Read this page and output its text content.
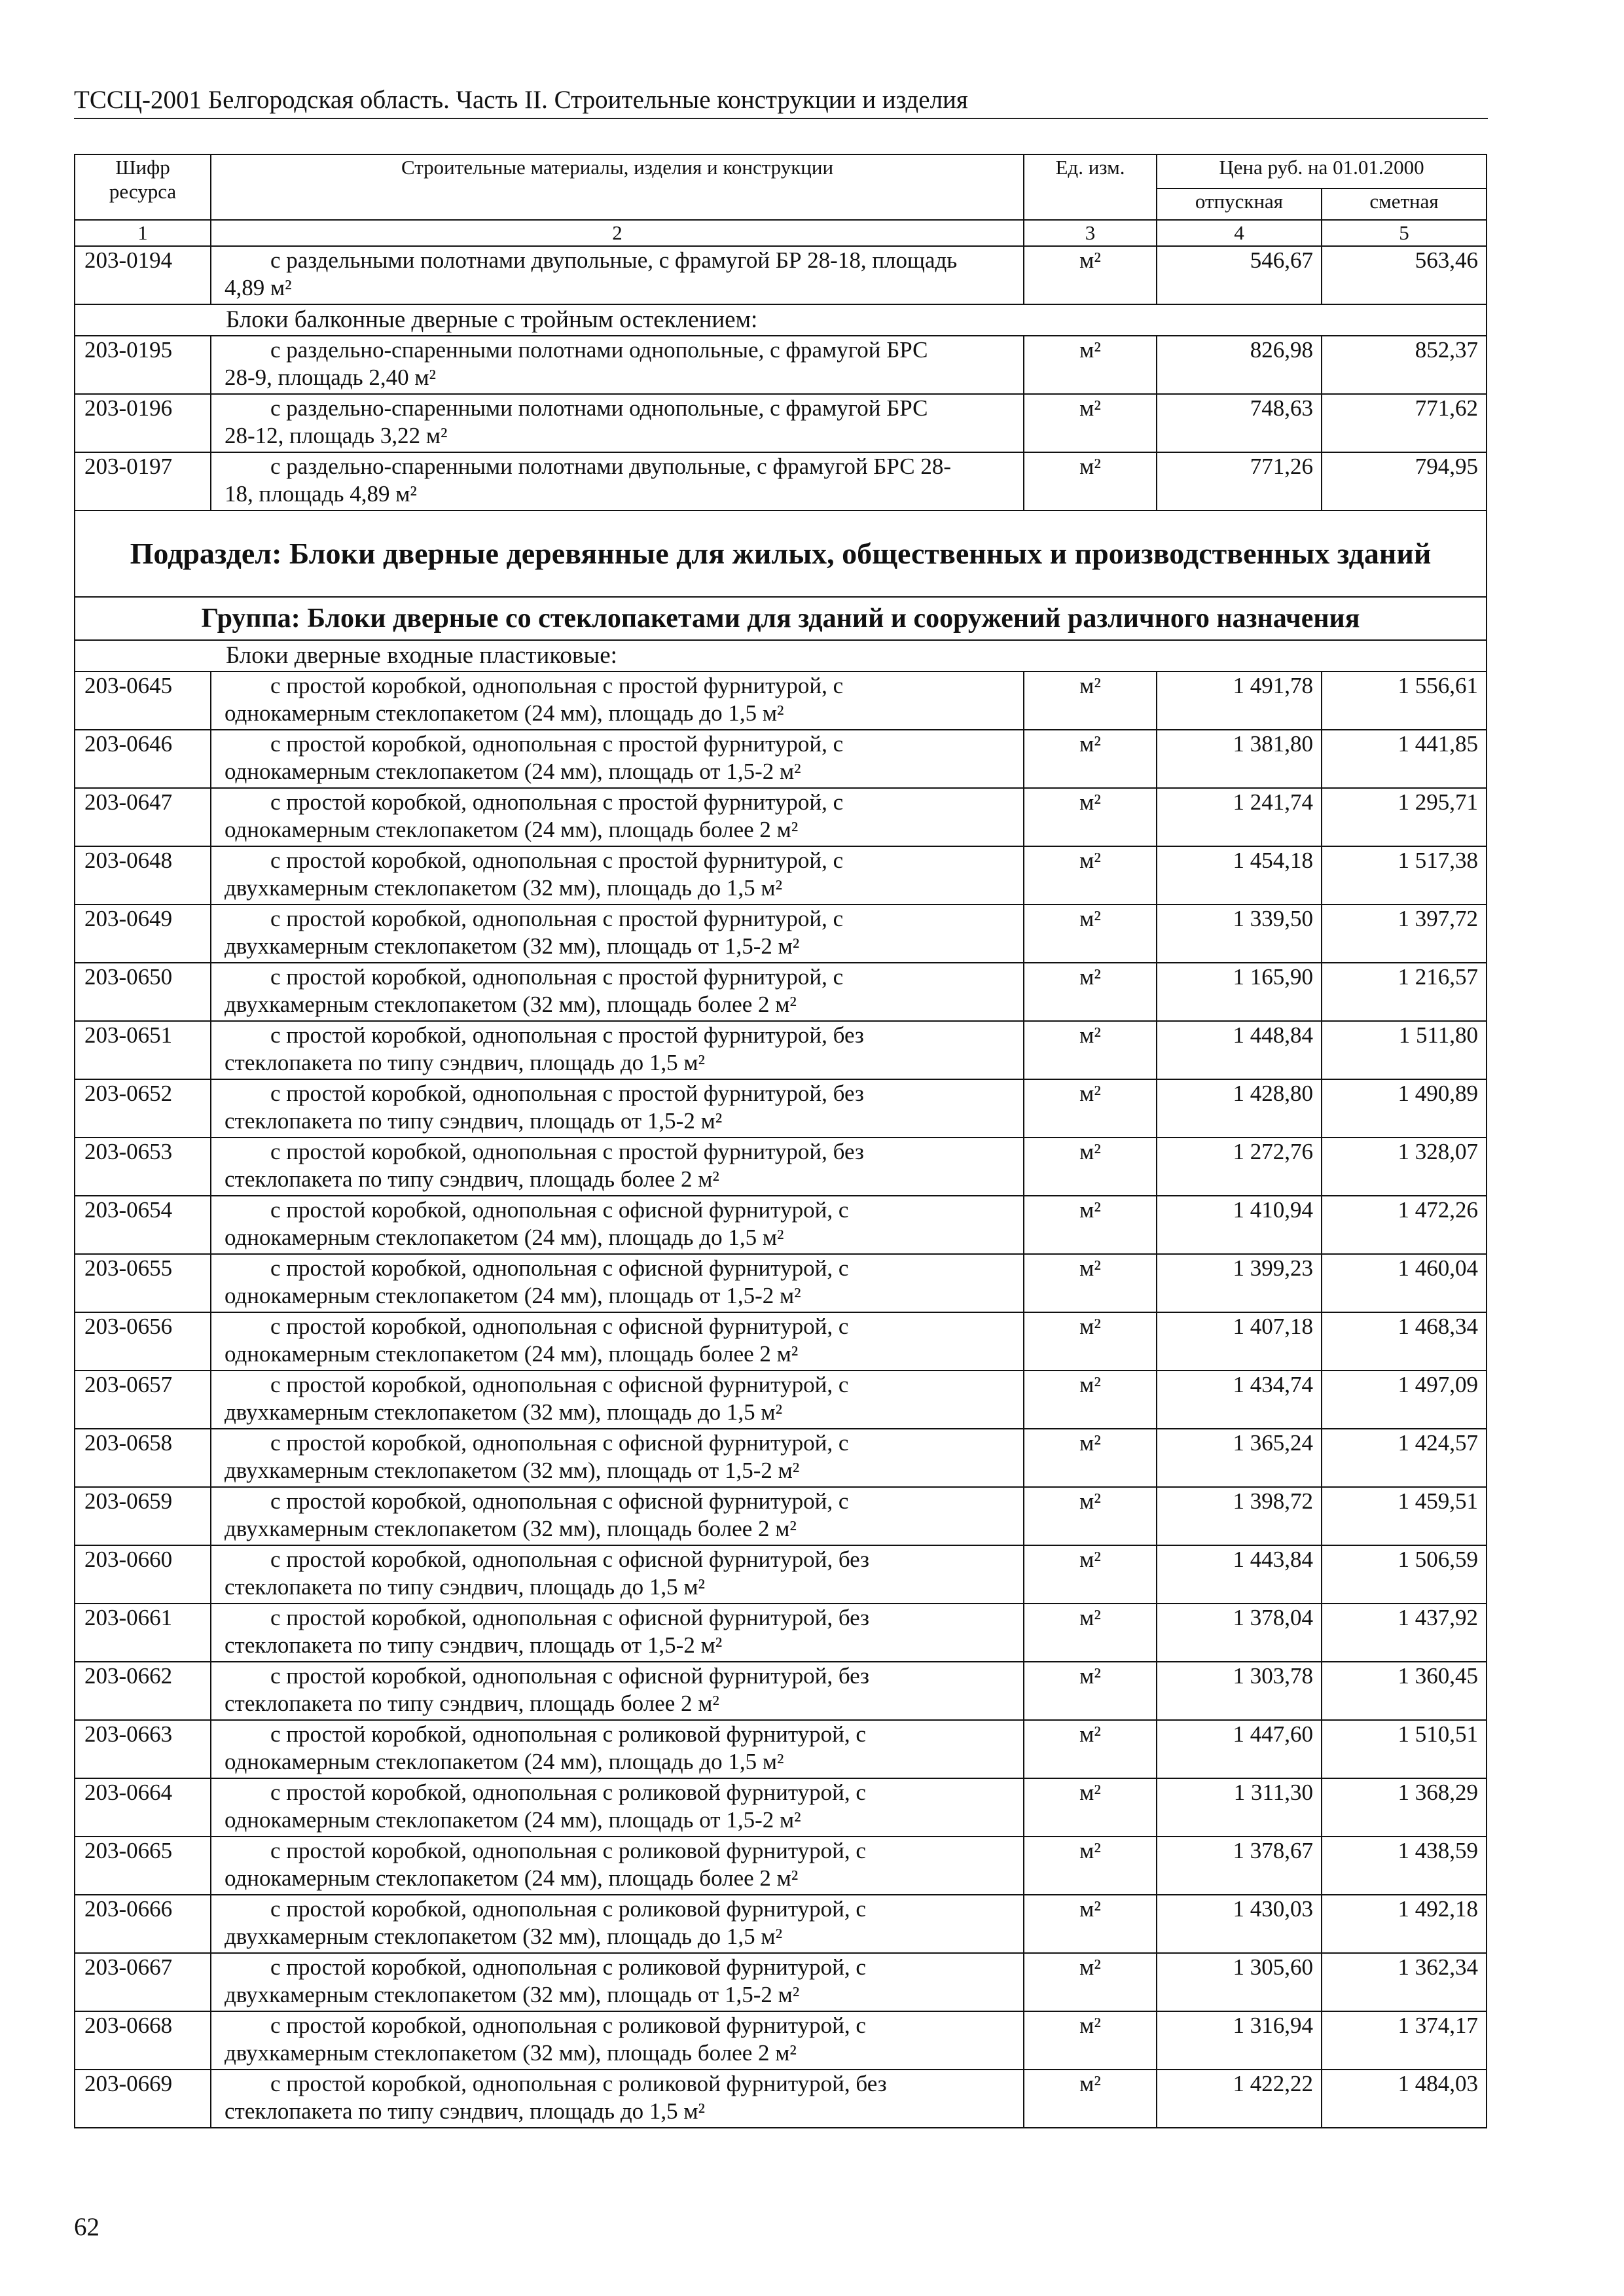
ТССЦ-2001 Белгородская область. Часть II. Строительные конструкции и изделия
Шифр ресурса	Строительные материалы, изделия и конструкции	Ед. изм.	Цена руб. на 01.01.2000	
			отпускная	сметная
1	2	3	4	5
203-0194	с раздельными полотнами двупольные, с фрамугой БР 28-18, площадь
4,89 м²	м²	546,67	563,46
Блоки балконные дверные с тройным остеклением:				
203-0195	с раздельно-спаренными полотнами однопольные, с фрамугой БРС
28-9, площадь 2,40 м²	м²	826,98	852,37
203-0196	с раздельно-спаренными полотнами однопольные, с фрамугой БРС
28-12, площадь 3,22 м²	м²	748,63	771,62
203-0197	с раздельно-спаренными полотнами двупольные, с фрамугой БРС 28-
18, площадь 4,89 м²	м²	771,26	794,95
Подраздел: Блоки дверные деревянные для жилых, общественных и производственных зданий				
Группа: Блоки дверные со стеклопакетами для зданий и сооружений различного назначения				
Блоки дверные входные пластиковые:				
203-0645	с простой коробкой, однопольная с простой фурнитурой, с
однокамерным стеклопакетом (24 мм), площадь до 1,5 м²	м²	1 491,78	1 556,61
203-0646	с простой коробкой, однопольная с простой фурнитурой, с
однокамерным стеклопакетом (24 мм), площадь от 1,5-2 м²	м²	1 381,80	1 441,85
203-0647	с простой коробкой, однопольная с простой фурнитурой, с
однокамерным стеклопакетом (24 мм), площадь более 2 м²	м²	1 241,74	1 295,71
203-0648	с простой коробкой, однопольная с простой фурнитурой, с
двухкамерным стеклопакетом (32 мм), площадь до 1,5 м²	м²	1 454,18	1 517,38
203-0649	с простой коробкой, однопольная с простой фурнитурой, с
двухкамерным стеклопакетом (32 мм), площадь от 1,5-2 м²	м²	1 339,50	1 397,72
203-0650	с простой коробкой, однопольная с простой фурнитурой, с
двухкамерным стеклопакетом (32 мм), площадь более 2 м²	м²	1 165,90	1 216,57
203-0651	с простой коробкой, однопольная с простой фурнитурой, без
стеклопакета по типу сэндвич, площадь до 1,5 м²	м²	1 448,84	1 511,80
203-0652	с простой коробкой, однопольная с простой фурнитурой, без
стеклопакета по типу сэндвич, площадь от 1,5-2 м²	м²	1 428,80	1 490,89
203-0653	с простой коробкой, однопольная с простой фурнитурой, без
стеклопакета по типу сэндвич, площадь более 2 м²	м²	1 272,76	1 328,07
203-0654	с простой коробкой, однопольная с офисной фурнитурой, с
однокамерным стеклопакетом (24 мм), площадь до 1,5 м²	м²	1 410,94	1 472,26
203-0655	с простой коробкой, однопольная с офисной фурнитурой, с
однокамерным стеклопакетом (24 мм), площадь от 1,5-2 м²	м²	1 399,23	1 460,04
203-0656	с простой коробкой, однопольная с офисной фурнитурой, с
однокамерным стеклопакетом (24 мм), площадь более 2 м²	м²	1 407,18	1 468,34
203-0657	с простой коробкой, однопольная с офисной фурнитурой, с
двухкамерным стеклопакетом (32 мм), площадь до 1,5 м²	м²	1 434,74	1 497,09
203-0658	с простой коробкой, однопольная с офисной фурнитурой, с
двухкамерным стеклопакетом (32 мм), площадь от 1,5-2 м²	м²	1 365,24	1 424,57
203-0659	с простой коробкой, однопольная с офисной фурнитурой, с
двухкамерным стеклопакетом (32 мм), площадь более 2 м²	м²	1 398,72	1 459,51
203-0660	с простой коробкой, однопольная с офисной фурнитурой, без
стеклопакета по типу сэндвич, площадь до 1,5 м²	м²	1 443,84	1 506,59
203-0661	с простой коробкой, однопольная с офисной фурнитурой, без
стеклопакета по типу сэндвич, площадь от 1,5-2 м²	м²	1 378,04	1 437,92
203-0662	с простой коробкой, однопольная с офисной фурнитурой, без
стеклопакета по типу сэндвич, площадь более 2 м²	м²	1 303,78	1 360,45
203-0663	с простой коробкой, однопольная с роликовой фурнитурой, с
однокамерным стеклопакетом (24 мм), площадь до 1,5 м²	м²	1 447,60	1 510,51
203-0664	с простой коробкой, однопольная с роликовой фурнитурой, с
однокамерным стеклопакетом (24 мм), площадь от 1,5-2 м²	м²	1 311,30	1 368,29
203-0665	с простой коробкой, однопольная с роликовой фурнитурой, с
однокамерным стеклопакетом (24 мм), площадь более 2 м²	м²	1 378,67	1 438,59
203-0666	с простой коробкой, однопольная с роликовой фурнитурой, с
двухкамерным стеклопакетом (32 мм), площадь до 1,5 м²	м²	1 430,03	1 492,18
203-0667	с простой коробкой, однопольная с роликовой фурнитурой, с
двухкамерным стеклопакетом (32 мм), площадь от 1,5-2 м²	м²	1 305,60	1 362,34
203-0668	с простой коробкой, однопольная с роликовой фурнитурой, с
двухкамерным стеклопакетом (32 мм), площадь более 2 м²	м²	1 316,94	1 374,17
203-0669	с простой коробкой, однопольная с роликовой фурнитурой, без
стеклопакета по типу сэндвич, площадь до 1,5 м²	м²	1 422,22	1 484,03
62
